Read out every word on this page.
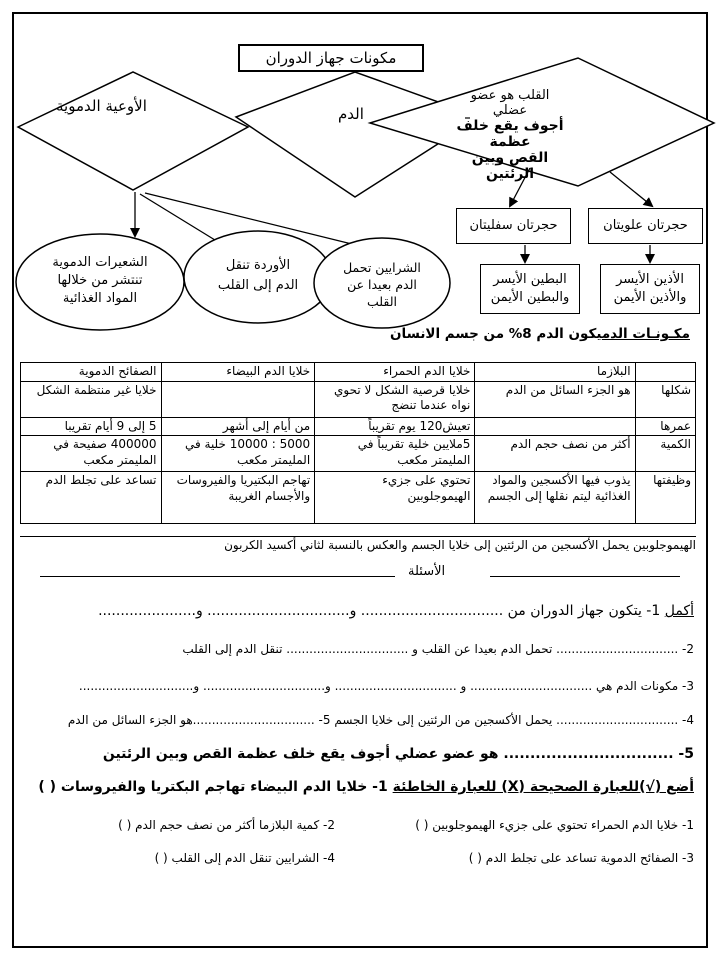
مكونات جهاز الدوران
الأوعية الدموية	الدم
القلب هو عضو عضلي
أجوف يقع خلف عظمة
القص وبين الرئتين
حجرتان سفليتان	حجرتان علويتان
البطين الأيسر
والبطين الأيمن
الأذين الأيسر
والأذين الأيمن
الشعيرات الدموية
تنتشر من خلالها
المواد الغذائية
الأوردة تنقل
الدم إلى القلب
الشرايين تحمل
الدم بعيدا عن
القلب
مكـونـات الدميكون الدم 8% من جسم الانسان
	البلازما	خلايا الدم الحمراء	خلايا الدم البيضاء	الصفائح الدموية
شكلها	هو الجزء السائل من الدم	خلايا قرصية الشكل لا تحوي نواه عندما تنضج		خلايا غير منتظمة الشكل
عمرها		تعيش120 يوم تقريباً	من أيام إلى أشهر	5 إلى 9 أيام تقريبا
الكمية	أكثر من نصف حجم الدم	5ملايين خلية تقريباً في المليمتر مكعب	5000 : 10000 خلية في المليمتر مكعب	400000 صفيحة في المليمتر مكعب
وظيفتها	يذوب فيها الأكسجين والمواد الغذائية ليتم نقلها إلى الجسم	تحتوي على جزيء الهيموجلوبين	تهاجم البكتيريا والفيروسات والأجسام الغريبة	تساعد على تجلط الدم
الهيموجلوبين يحمل الأكسجين من الرئتين إلى خلايا الجسم والعكس بالنسبة لثاني أكسيد الكربون
الأسئلة
أكمل 1- يتكون جهاز الدوران من ................................ و................................ و......................
2- ................................ تحمل الدم بعيدا عن القلب و ................................ تنقل الدم إلى القلب
3- مكونات الدم هي ................................ و ................................ و................................ و..............................
4- ................................ يحمل الأكسجين من الرئتين إلى خلايا الجسم 5- ................................هو الجزء السائل من الدم
5- ................................ هو عضو عضلي أجوف يقع خلف عظمة القص وبين الرئتين
أضع (√)للعبارة الصحيحة (X) للعبارة الخاطئة 1- خلايا الدم البيضاء تهاجم البكتريا والفيروسات ( )
1- خلايا الدم الحمراء تحتوي على جزيء الهيموجلوبين ( )
2- كمية البلازما أكثر من نصف حجم الدم ( )
3- الصفائح الدموية تساعد على تجلط الدم ( )
4- الشرايين تنقل الدم إلى القلب ( )
